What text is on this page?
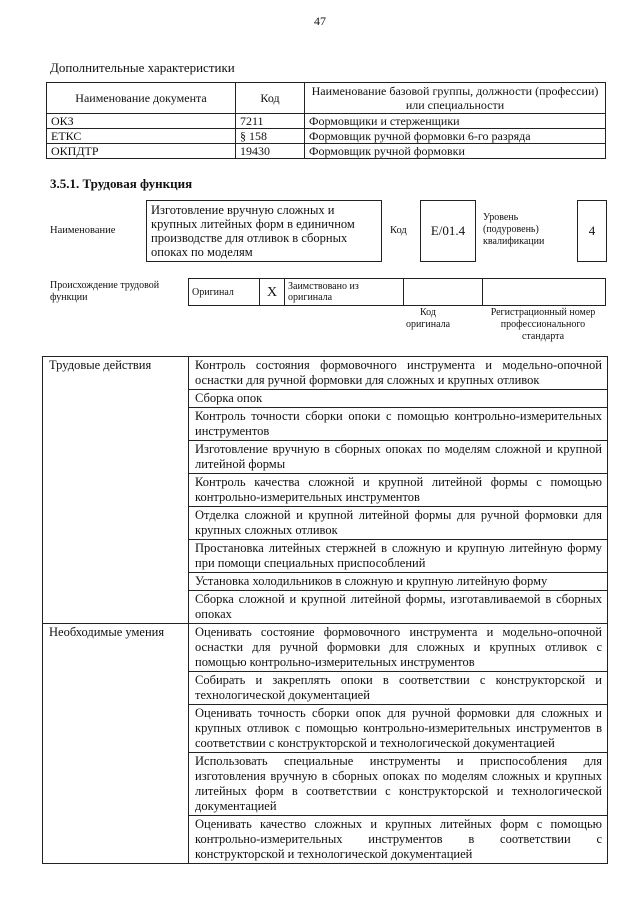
47
Дополнительные характеристики
Наименование документа	Код	Наименование базовой группы, должности (профессии) или специальности
ОКЗ	7211	Формовщики и стерженщики
ЕТКС	§ 158	Формовщик ручной формовки 6-го разряда
ОКПДТР	19430	Формовщик ручной формовки
3.5.1. Трудовая функция
Наименование
Изготовление вручную сложных и крупных литейных форм в единичном производстве для отливок в сборных опоках по моделям
Код	E/01.4
Уровень (подуровень) квалификации
4
Происхождение трудовой функции	Оригинал	X	Заимствовано из оригинала		
Код оригинала
Регистрационный номер профессионального стандарта
Трудовые действия	Контроль состояния формовочного инструмента и модельно-опочной оснастки для ручной формовки для сложных и крупных отливок
	Сборка опок
	Контроль точности сборки опоки с помощью контрольно-измерительных инструментов
	Изготовление вручную в сборных опоках по моделям сложной и крупной литейной формы
	Контроль качества сложной и крупной литейной формы с помощью контрольно-измерительных инструментов
	Отделка сложной и крупной литейной формы для ручной формовки для крупных сложных отливок
	Простановка литейных стержней в сложную и крупную литейную форму при помощи специальных приспособлений
	Установка холодильников в сложную и крупную литейную форму
	Сборка сложной и крупной литейной формы, изготавливаемой в сборных опоках
Необходимые умения	Оценивать состояние формовочного инструмента и модельно-опочной оснастки для ручной формовки для сложных и крупных отливок с помощью контрольно-измерительных инструментов
	Собирать и закреплять опоки в соответствии с конструкторской и технологической документацией
	Оценивать точность сборки опок для ручной формовки для сложных и крупных отливок с помощью контрольно-измерительных инструментов в соответствии с конструкторской и технологической документацией
	Использовать специальные инструменты и приспособления для изготовления вручную в сборных опоках по моделям сложных и крупных литейных форм в соответствии с конструкторской и технологической документацией
	Оценивать качество сложных и крупных литейных форм с помощью контрольно-измерительных инструментов в соответствии с конструкторской и технологической документацией
